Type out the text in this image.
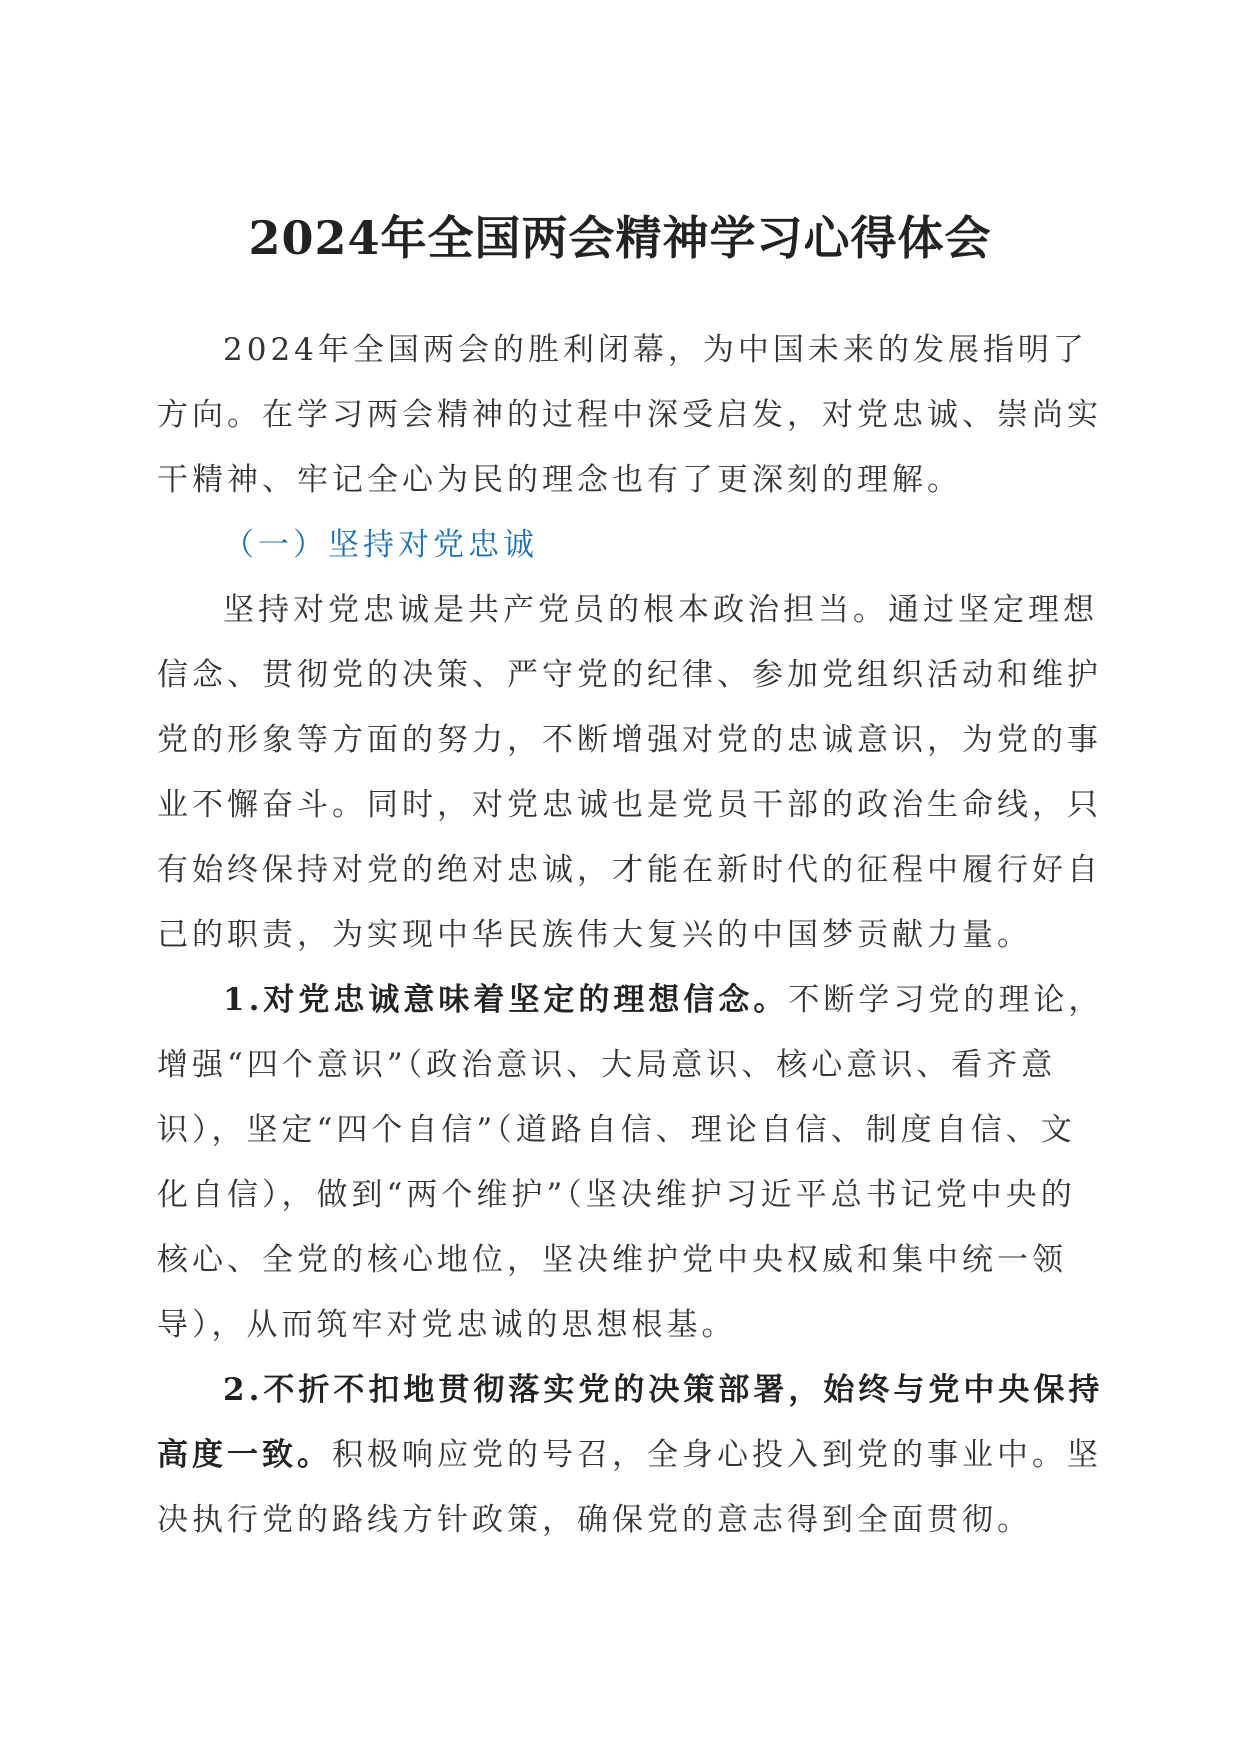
2024年全国两会精神学习心得体会

2024年全国两会的胜利闭幕，为中国未来的发展指明了方向。在学习两会精神的过程中深受启发，对党忠诚、崇尚实干精神、牢记全心为民的理念也有了更深刻的理解。

（一）坚持对党忠诚

坚持对党忠诚是共产党员的根本政治担当。通过坚定理想信念、贯彻党的决策、严守党的纪律、参加党组织活动和维护党的形象等方面的努力，不断增强对党的忠诚意识，为党的事业不懈奋斗。同时，对党忠诚也是党员干部的政治生命线，只有始终保持对党的绝对忠诚，才能在新时代的征程中履行好自己的职责，为实现中华民族伟大复兴的中国梦贡献力量。

1.对党忠诚意味着坚定的理想信念。不断学习党的理论，增强“四个意识”（政治意识、大局意识、核心意识、看齐意识），坚定“四个自信”（道路自信、理论自信、制度自信、文化自信），做到“两个维护”（坚决维护习近平总书记党中央的核心、全党的核心地位，坚决维护党中央权威和集中统一领导），从而筑牢对党忠诚的思想根基。

2.不折不扣地贯彻落实党的决策部署，始终与党中央保持高度一致。积极响应党的号召，全身心投入到党的事业中。坚决执行党的路线方针政策，确保党的意志得到全面贯彻。
